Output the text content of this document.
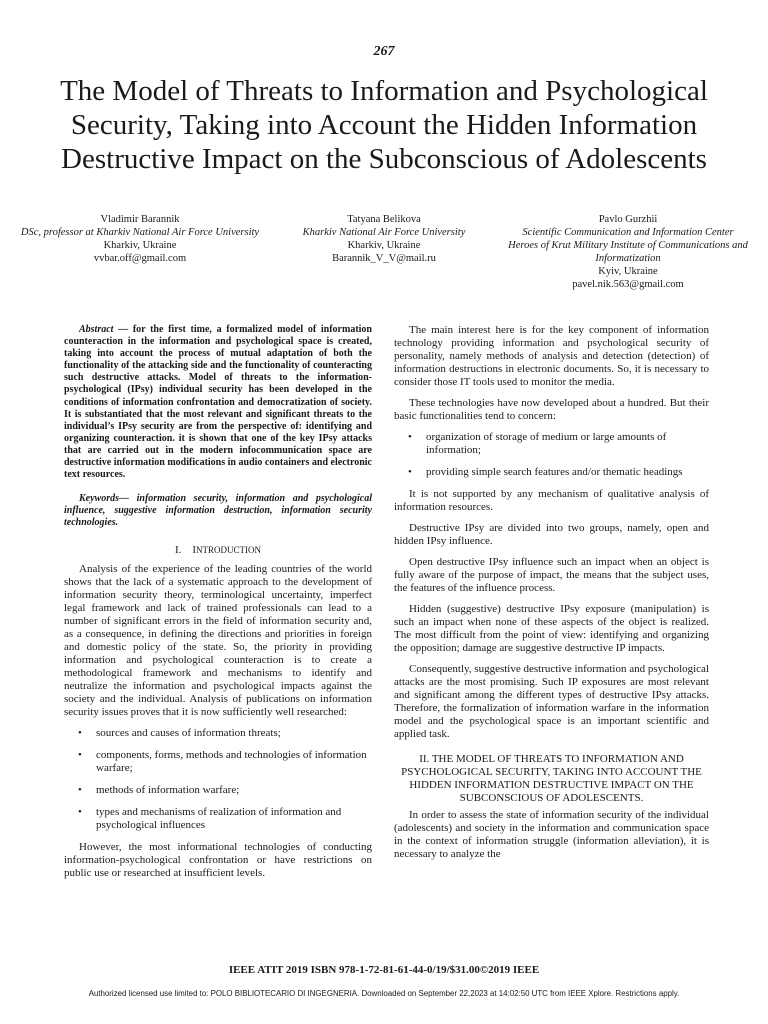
267
The Model of Threats to Information and Psychological Security, Taking into Account the Hidden Information Destructive Impact on the Subconscious of Adolescents
Vladimir Barannik
DSc, professor at Kharkiv National Air Force University
Kharkiv, Ukraine
vvbar.off@gmail.com
Tatyana Belikova
Kharkiv National Air Force University
Kharkiv, Ukraine
Barannik_V_V@mail.ru
Pavlo Gurzhii
Scientific Communication and Information Center Heroes of Krut Military Institute of Communications and Informatization
Kyiv, Ukraine
pavel.nik.563@gmail.com

Abstract — for the first time, a formalized model of information counteraction in the information and psychological space is created, taking into account the process of mutual adaptation of both the functionality of the attacking side and the functionality of counteracting such destructive attacks. Model of threats to the information-psychological (IPsy) individual security has been developed in the conditions of information confrontation and democratization of society. It is substantiated that the most relevant and significant threats to the individual’s IPsy security are from the perspective of: identifying and organizing counteraction. it is shown that one of the key IPsy attacks that are carried out in the modern infocommunication space are destructive information modifications in audio containers and electronic text resources.

Keywords— information security, information and psychological influence, suggestive information destruction, information security technologies.

I. INTRODUCTION

Analysis of the experience of the leading countries of the world shows that the lack of a systematic approach to the development of information security theory, terminological uncertainty, imperfect legal framework and lack of trained professionals can lead to a number of significant errors in the field of information security and, as a consequence, in defining the directions and priorities in foreign and domestic policy of the state. So, the priority in providing information and psychological counteraction is to create a methodological framework and mechanisms to identify and neutralize the information and psychological impacts against the society and the individual. Analysis of publications on information security issues proves that it is now sufficiently well researched:

• sources and causes of information threats;
• components, forms, methods and technologies of information warfare;
• methods of information warfare;
• types and mechanisms of realization of information and psychological influences

However, the most informational technologies of conducting information-psychological confrontation or have restrictions on public use or researched at insufficient levels.

The main interest here is for the key component of information technology providing information and psychological security of personality, namely methods of analysis and detection (detection) of information destructions in electronic documents. So, it is necessary to consider those IT tools used to monitor the media.

These technologies have now developed about a hundred. But their basic functionalities tend to concern:

• organization of storage of medium or large amounts of information;
• providing simple search features and/or thematic headings

It is not supported by any mechanism of qualitative analysis of information resources.

Destructive IPsy are divided into two groups, namely, open and hidden IPsy influence.

Open destructive IPsy influence such an impact when an object is fully aware of the purpose of impact, the means that the subject uses, the features of the influence process.

Hidden (suggestive) destructive IPsy exposure (manipulation) is such an impact when none of these aspects of the object is realized. The most difficult from the point of view: identifying and organizing the opposition; damage are suggestive destructive IP impacts.

Consequently, suggestive destructive information and psychological attacks are the most promising. Such IP exposures are most relevant and significant among the different types of destructive IPsy attacks. Therefore, the formalization of information warfare in the information model and the psychological space is an important scientific and applied task.

II. THE MODEL OF THREATS TO INFORMATION AND PSYCHOLOGICAL SECURITY, TAKING INTO ACCOUNT THE HIDDEN INFORMATION DESTRUCTIVE IMPACT ON THE SUBCONSCIOUS OF ADOLESCENTS.

In order to assess the state of information security of the individual (adolescents) and society in the information and communication space in the context of information struggle (information alleviation), it is necessary to analyze the

IEEE ATIT 2019 ISBN 978-1-72-81-61-44-0/19/$31.00©2019 IEEE
Authorized licensed use limited to: POLO BIBLIOTECARIO DI INGEGNERIA. Downloaded on September 22,2023 at 14:02:50 UTC from IEEE Xplore. Restrictions apply.
